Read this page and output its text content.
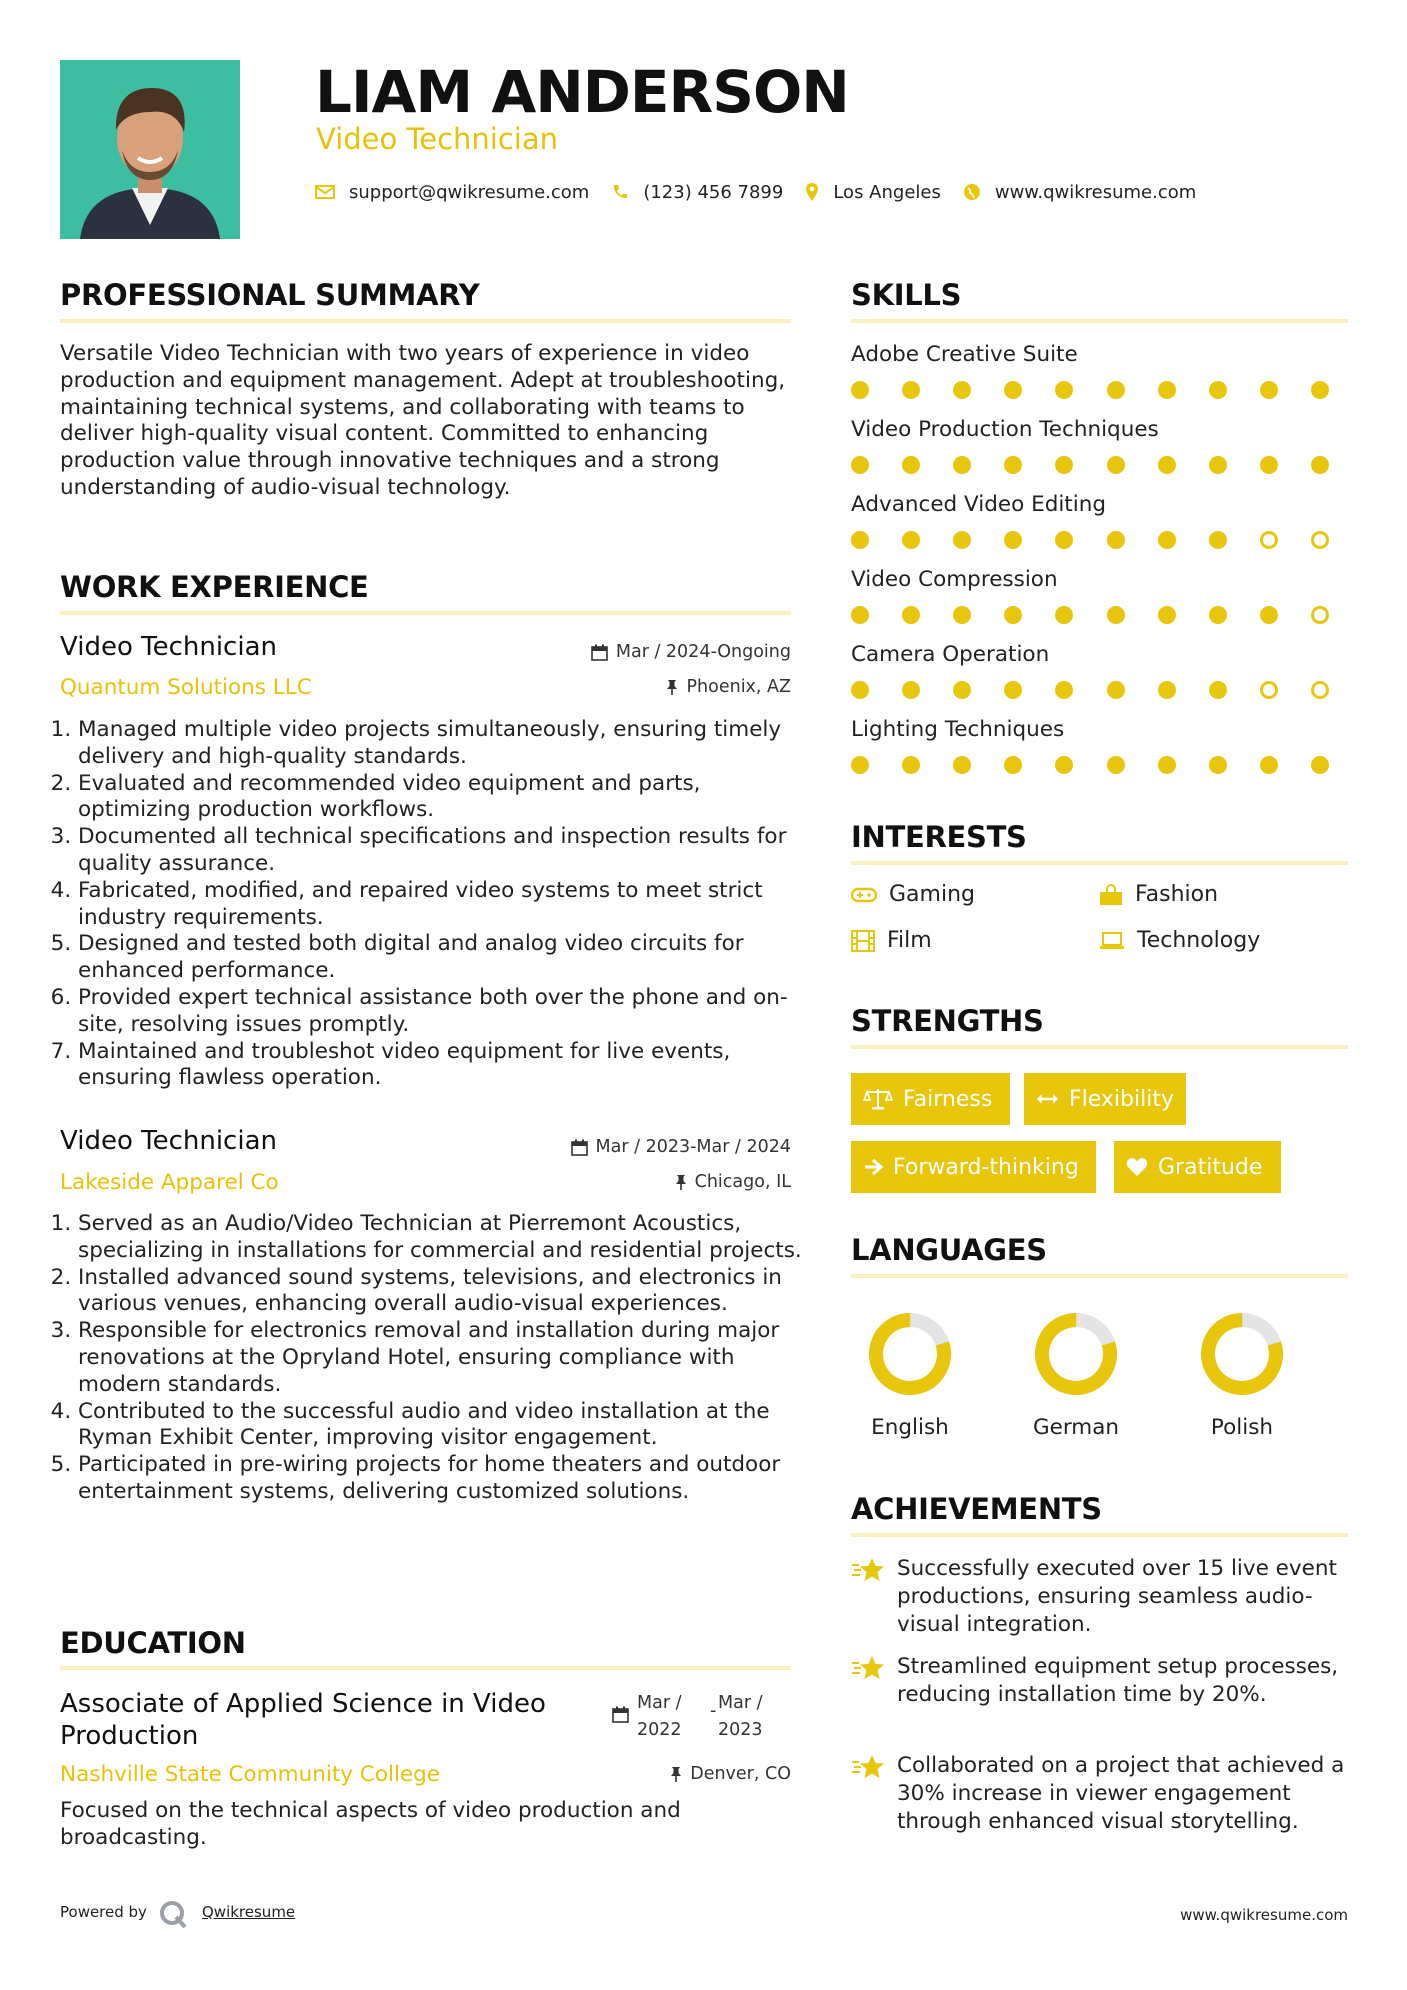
LIAM ANDERSON
Video Technician
support@qwikresume.com	(123) 456 7899	Los Angeles	www.qwikresume.com
PROFESSIONAL SUMMARY
Versatile Video Technician with two years of experience in video production and equipment management. Adept at troubleshooting, maintaining technical systems, and collaborating with teams to deliver high-quality visual content. Committed to enhancing production value through innovative techniques and a strong understanding of audio-visual technology.
WORK EXPERIENCE
Video Technician
Quantum Solutions LLC
Mar / 2024-Ongoing
Phoenix, AZ
1. Managed multiple video projects simultaneously, ensuring timely delivery and high-quality standards.
2. Evaluated and recommended video equipment and parts, optimizing production workflows.
3. Documented all technical specifications and inspection results for quality assurance.
4. Fabricated, modified, and repaired video systems to meet strict industry requirements.
5. Designed and tested both digital and analog video circuits for enhanced performance.
6. Provided expert technical assistance both over the phone and on-site, resolving issues promptly.
7. Maintained and troubleshot video equipment for live events, ensuring flawless operation.
Video Technician
Lakeside Apparel Co
Mar / 2023-Mar / 2024
Chicago, IL
1. Served as an Audio/Video Technician at Pierremont Acoustics, specializing in installations for commercial and residential projects.
2. Installed advanced sound systems, televisions, and electronics in various venues, enhancing overall audio-visual experiences.
3. Responsible for electronics removal and installation during major renovations at the Opryland Hotel, ensuring compliance with modern standards.
4. Contributed to the successful audio and video installation at the Ryman Exhibit Center, improving visitor engagement.
5. Participated in pre-wiring projects for home theaters and outdoor entertainment systems, delivering customized solutions.
EDUCATION
Associate of Applied Science in Video Production
Nashville State Community College
Mar /
2022
- Mar /
2023
Denver, CO
Focused on the technical aspects of video production and broadcasting.
SKILLS
Adobe Creative Suite
Video Production Techniques
Advanced Video Editing
Video Compression
Camera Operation
Lighting Techniques
INTERESTS
Gaming	Fashion
Film	Technology
STRENGTHS
Fairness	Flexibility
Forward-thinking	Gratitude
LANGUAGES
English	German	Polish
ACHIEVEMENTS
Successfully executed over 15 live event productions, ensuring seamless audio-visual integration.
Streamlined equipment setup processes, reducing installation time by 20%.
Collaborated on a project that achieved a 30% increase in viewer engagement through enhanced visual storytelling.
Powered by	Qwikresume	www.qwikresume.com
